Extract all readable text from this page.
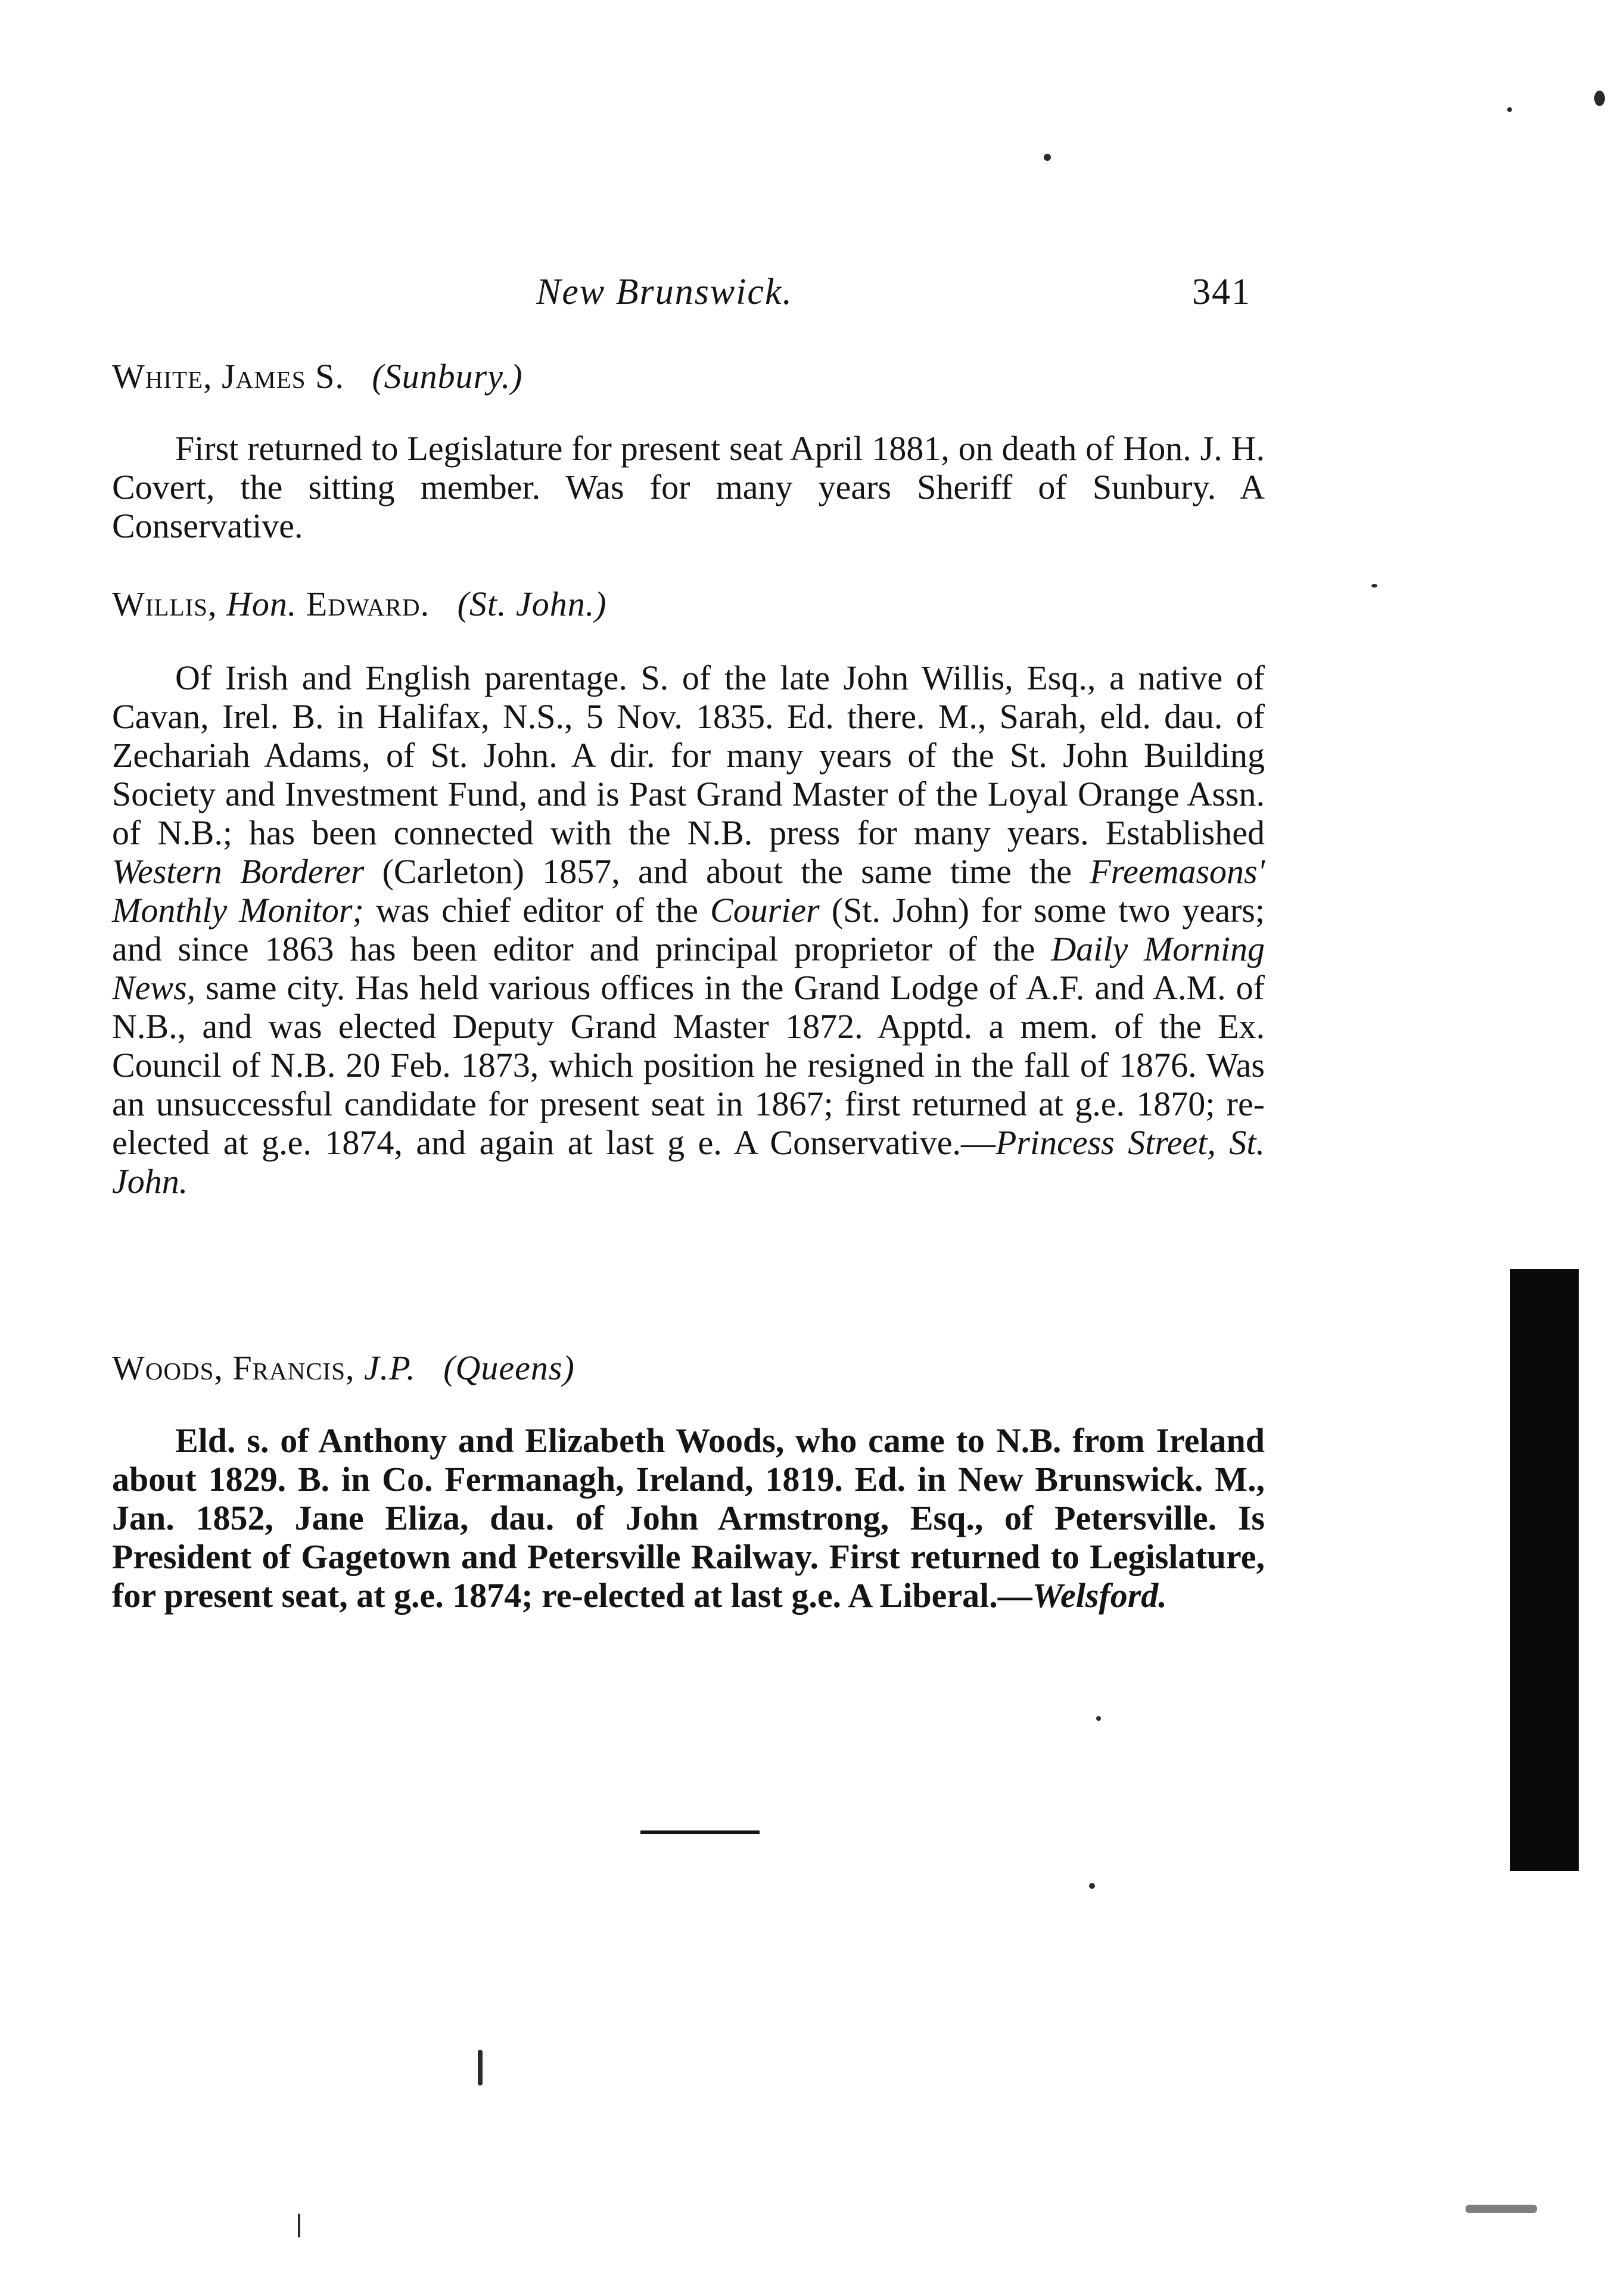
New Brunswick.	341
White, James S. (Sunbury.)
First returned to Legislature for present seat April 1881, on death of Hon. J. H. Covert, the sitting member. Was for many years Sheriff of Sunbury. A Conservative.
Willis, Hon. Edward. (St. John.)
Of Irish and English parentage. S. of the late John Willis, Esq., a native of Cavan, Irel. B. in Halifax, N.S., 5 Nov. 1835. Ed. there. M., Sarah, eld. dau. of Zechariah Adams, of St. John. A dir. for many years of the St. John Building Society and Investment Fund, and is Past Grand Master of the Loyal Orange Assn. of N.B.; has been connected with the N.B. press for many years. Established Western Borderer (Carleton) 1857, and about the same time the Freemasons' Monthly Monitor; was chief editor of the Courier (St. John) for some two years; and since 1863 has been editor and principal proprietor of the Daily Morning News, same city. Has held various offices in the Grand Lodge of A.F. and A.M. of N.B., and was elected Deputy Grand Master 1872. Apptd. a mem. of the Ex. Council of N.B. 20 Feb. 1873, which position he resigned in the fall of 1876. Was an unsuccessful candidate for present seat in 1867; first returned at g.e. 1870; re-elected at g.e. 1874, and again at last g e. A Conservative.—Princess Street, St. John.
Woods, Francis, J.P. (Queens)
Eld. s. of Anthony and Elizabeth Woods, who came to N.B. from Ireland about 1829. B. in Co. Fermanagh, Ireland, 1819. Ed. in New Brunswick. M., Jan. 1852, Jane Eliza, dau. of John Armstrong, Esq., of Petersville. Is President of Gagetown and Petersville Railway. First returned to Legislature, for present seat, at g.e. 1874; re-elected at last g.e. A Liberal.—Welsford.
